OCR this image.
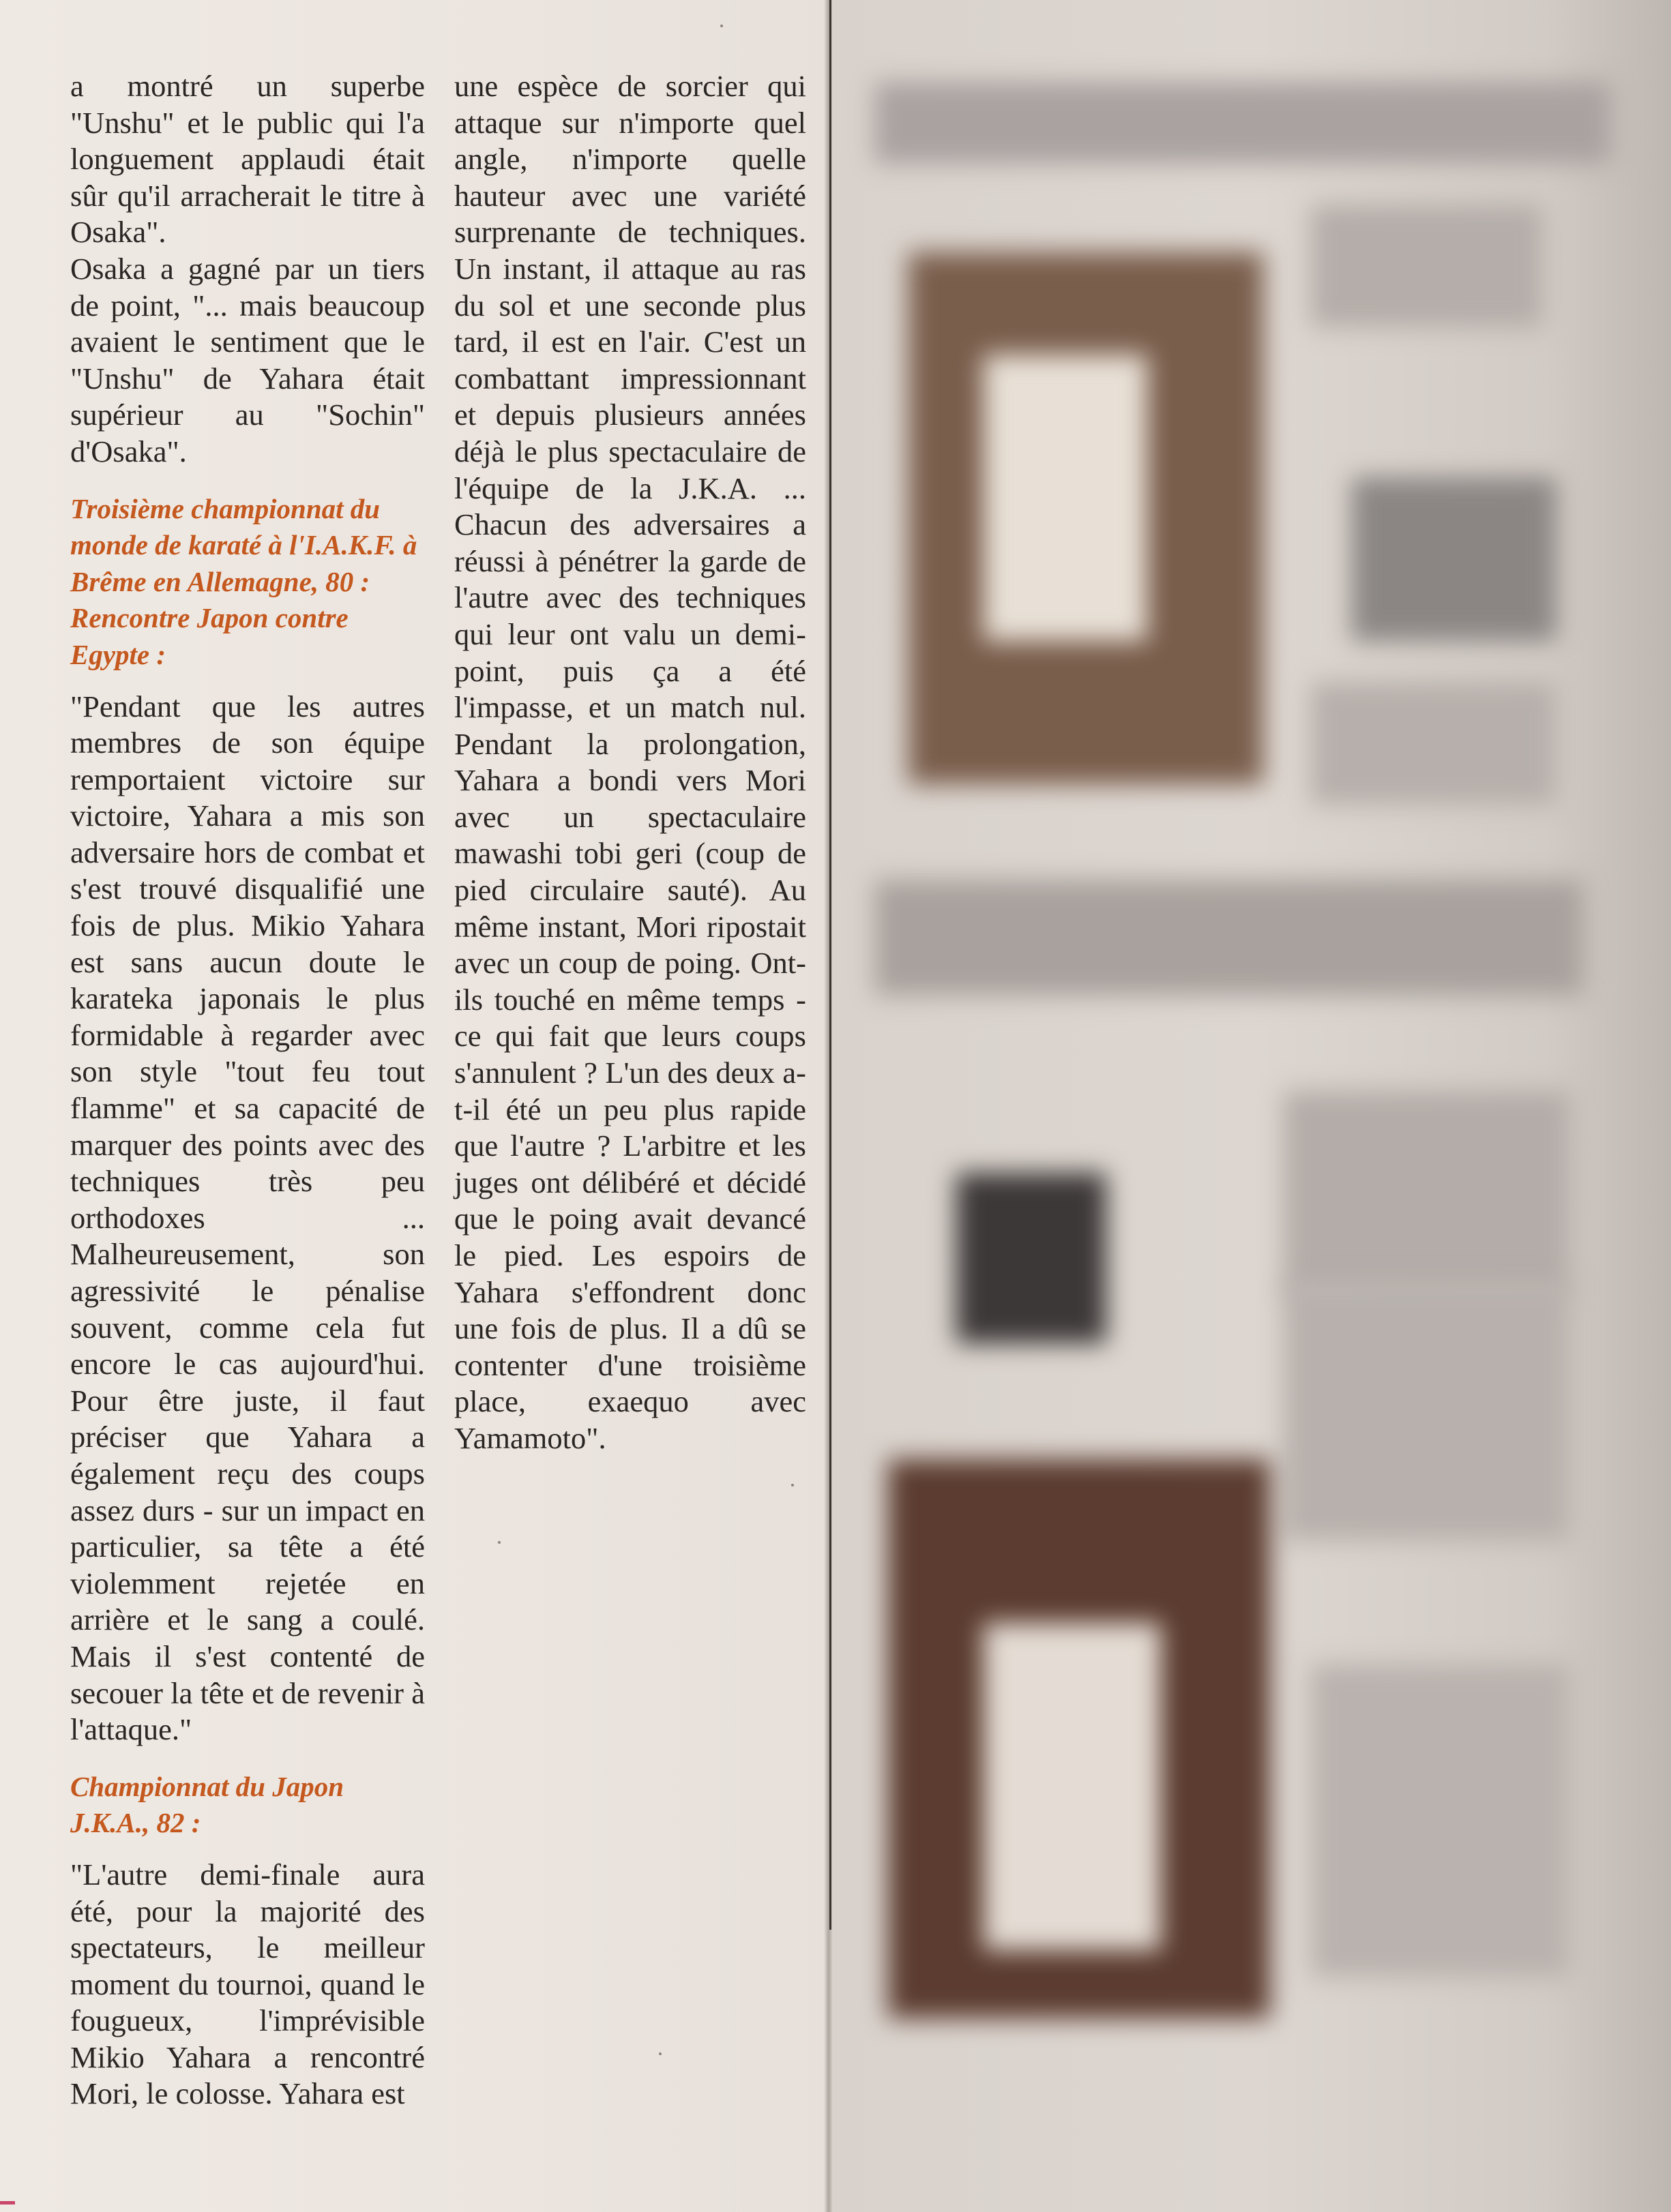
a montré un superbe "Unshu" et le public qui l'a longuement applaudi était sûr qu'il arracherait le titre à Osaka".

Osaka a gagné par un tiers de point, "... mais beaucoup avaient le sentiment que le "Unshu" de Yahara était supérieur au "Sochin" d'Osaka".

Troisième championnat du monde de karaté à l'I.A.K.F. à Brême en Allemagne, 80 : Rencontre Japon contre Egypte :

"Pendant que les autres membres de son équipe remportaient victoire sur victoire, Yahara a mis son adversaire hors de combat et s'est trouvé disqualifié une fois de plus. Mikio Yahara est sans aucun doute le karateka japonais le plus formidable à regarder avec son style "tout feu tout flamme" et sa capacité de marquer des points avec des techniques très peu orthodoxes ... Malheureusement, son agressivité le pénalise souvent, comme cela fut encore le cas aujourd'hui. Pour être juste, il faut préciser que Yahara a également reçu des coups assez durs - sur un impact en particulier, sa tête a été violemment rejetée en arrière et le sang a coulé. Mais il s'est contenté de secouer la tête et de revenir à l'attaque."

Championnat du Japon J.K.A., 82 :

"L'autre demi-finale aura été, pour la majorité des spectateurs, le meilleur moment du tournoi, quand le fougueux, l'imprévisible Mikio Yahara a rencontré Mori, le colosse. Yahara est

une espèce de sorcier qui attaque sur n'importe quel angle, n'importe quelle hauteur avec une variété surprenante de techniques. Un instant, il attaque au ras du sol et une seconde plus tard, il est en l'air. C'est un combattant impressionnant et depuis plusieurs années déjà le plus spectaculaire de l'équipe de la J.K.A. ... Chacun des adversaires a réussi à pénétrer la garde de l'autre avec des techniques qui leur ont valu un demi-point, puis ça a été l'impasse, et un match nul. Pendant la prolongation, Yahara a bondi vers Mori avec un spectaculaire mawashi tobi geri (coup de pied circulaire sauté). Au même instant, Mori ripostait avec un coup de poing. Ont-ils touché en même temps - ce qui fait que leurs coups s'annulent ? L'un des deux a-t-il été un peu plus rapide que l'autre ? L'arbitre et les juges ont délibéré et décidé que le poing avait devancé le pied. Les espoirs de Yahara s'effondrent donc une fois de plus. Il a dû se contenter d'une troisième place, exaequo avec Yamamoto".
